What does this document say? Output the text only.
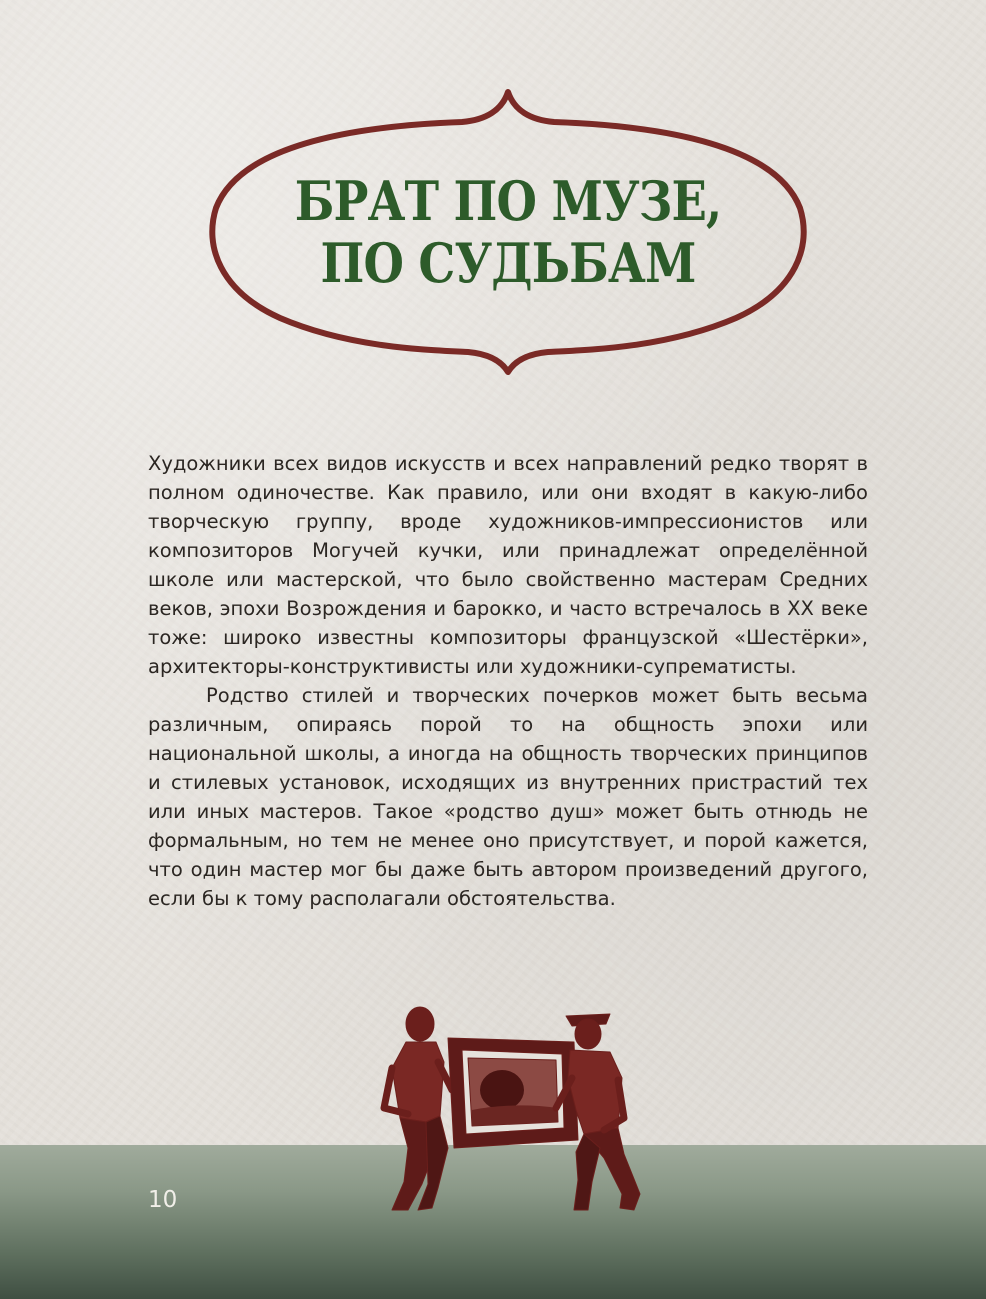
БРАТ ПО МУЗЕ,
ПО СУДЬБАМ

Художники всех видов искусств и всех направлений редко творят в полном одиночестве. Как правило, или они входят в какую-либо творческую группу, вроде художников-импрессионистов или композиторов Могучей кучки, или принадлежат определённой школе или мастерской, что было свойственно мастерам Средних веков, эпохи Возрождения и барокко, и часто встречалось в XX веке тоже: широко известны композиторы французской «Шестёрки», архитекторы-конструктивисты или художники-супрематисты.

Родство стилей и творческих почерков может быть весьма различным, опираясь порой то на общность эпохи или национальной школы, а иногда на общность творческих принципов и стилевых установок, исходящих из внутренних пристрастий тех или иных мастеров. Такое «родство душ» может быть отнюдь не формальным, но тем не менее оно присутствует, и порой кажется, что один мастер мог бы даже быть автором произведений другого, если бы к тому располагали обстоятельства.

10
